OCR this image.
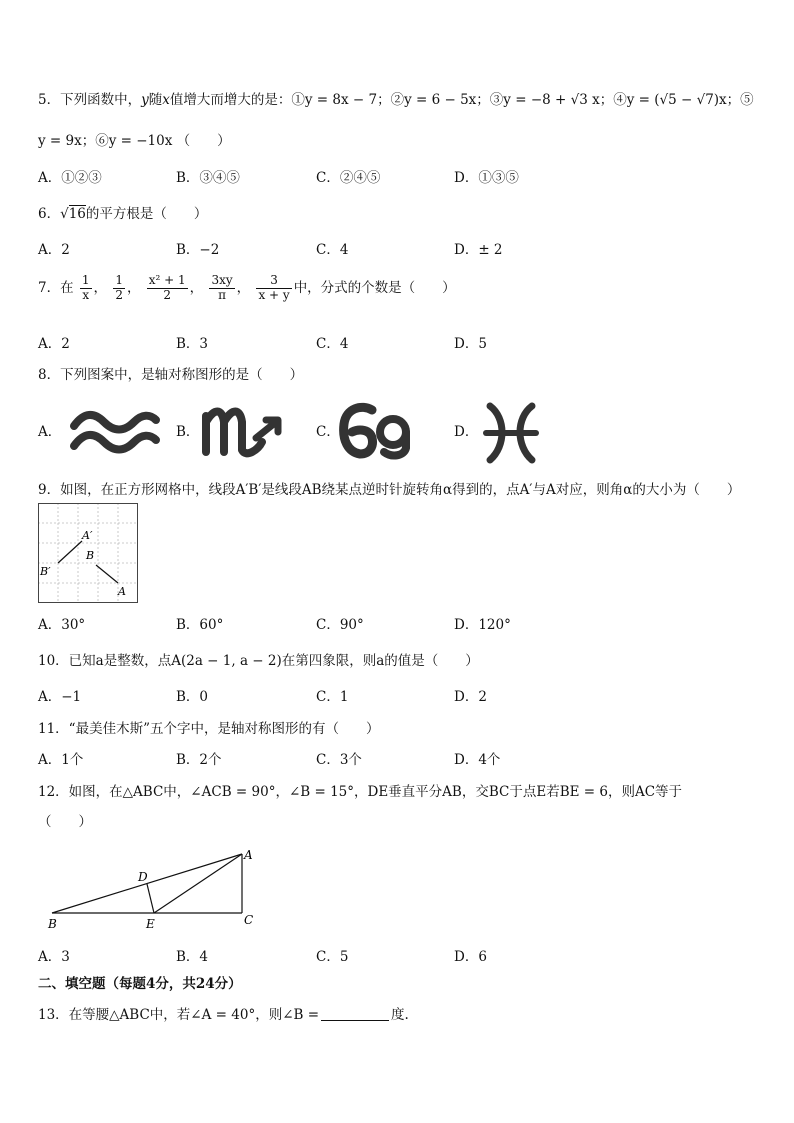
5．下列函数中，y随x值增大而增大的是：①y = 8x − 7；②y = 6 − 5x；③y = −8 + √3 x；④y = (√5 − √7)x；⑤
y = 9x；⑥y = −10x （　　）
A．①②③	B．③④⑤	C．②④⑤	D．①③⑤
6．√16的平方根是（　　）
A．2	B．−2	C．4	D．± 2
7．在 $\frac{1}{x}$ ， $\frac{1}{2}$ ， $\frac{\text{x² + 1}}{2}$ ， $\frac{3xy}{\pi}$ ， $\frac{3}{x + y}$ 中，分式的个数是（　　）
A．2	B．3	C．4	D．5
8．下列图案中，是轴对称图形的是（　　）
A．	B．	C．	D．
9．如图，在正方形网格中，线段A′B′是线段AB绕某点逆时针旋转角α得到的，点A′与A对应，则角α的大小为（　　）
A′
B
B′
A
A．30°	B．60°	C．90°	D．120°
10．已知a是整数，点A(2a − 1, a − 2)在第四象限，则a的值是（　　）
A．−1	B．0	C．1	D．2
11．“最美佳木斯”五个字中，是轴对称图形的有（　　）
A．1个	B．2个	C．3个	D．4个
12．如图，在△ABC中，∠ACB = 90°，∠B = 15°，DE垂直平分AB，交BC于点E若BE = 6，则AC等于
（　　）
A
B	C
D
E
A．3	B．4	C．5	D．6
二、填空题（每题4分，共24分）
13．在等腰△ABC中，若∠A = 40°，则∠B =	度.
